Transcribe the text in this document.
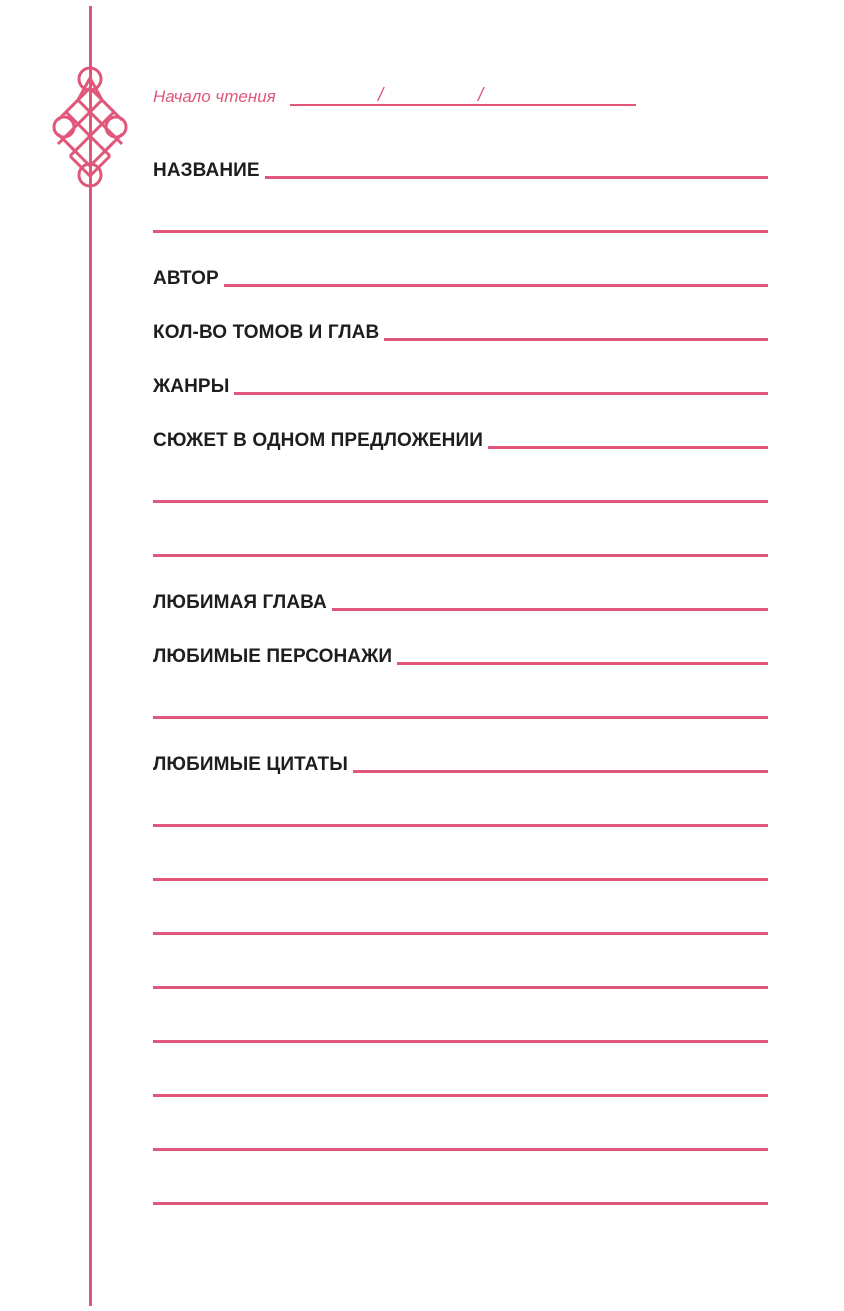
Начало чтения	/	/
НАЗВАНИЕ
АВТОР
КОЛ-ВО ТОМОВ И ГЛАВ
ЖАНРЫ
СЮЖЕТ В ОДНОМ ПРЕДЛОЖЕНИИ
ЛЮБИМАЯ ГЛАВА
ЛЮБИМЫЕ ПЕРСОНАЖИ
ЛЮБИМЫЕ ЦИТАТЫ
